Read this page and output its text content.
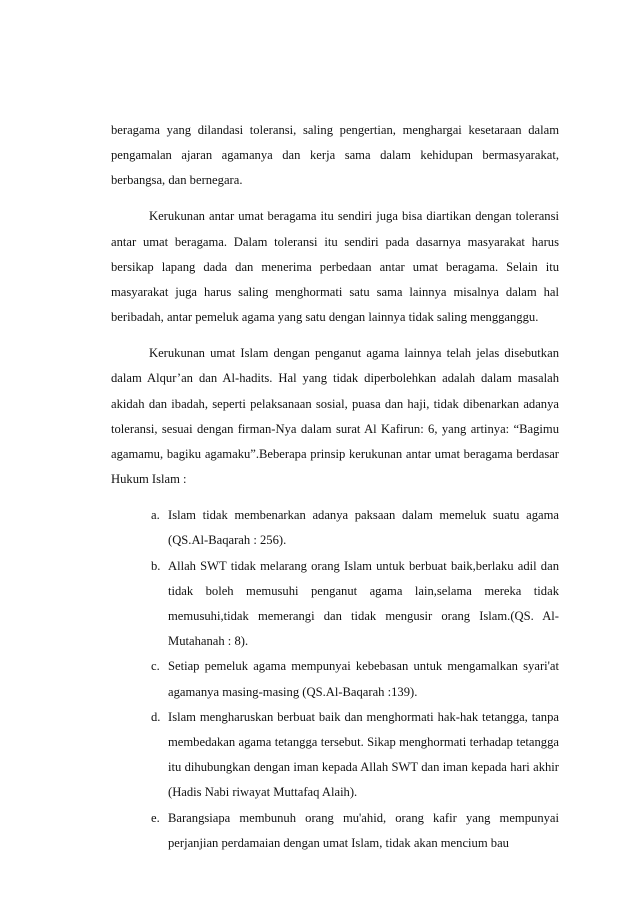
beragama yang dilandasi toleransi, saling pengertian, menghargai kesetaraan dalam pengamalan ajaran agamanya dan kerja sama dalam kehidupan bermasyarakat, berbangsa, dan bernegara.

Kerukunan antar umat beragama itu sendiri juga bisa diartikan dengan toleransi antar umat beragama. Dalam toleransi itu sendiri pada dasarnya masyarakat harus bersikap lapang dada dan menerima perbedaan antar umat beragama. Selain itu masyarakat juga harus saling menghormati satu sama lainnya misalnya dalam hal beribadah, antar pemeluk agama yang satu dengan lainnya tidak saling mengganggu.

Kerukunan umat Islam dengan penganut agama lainnya telah jelas disebutkan dalam Alqur’an dan Al-hadits. Hal yang tidak diperbolehkan adalah dalam masalah akidah dan ibadah, seperti pelaksanaan sosial, puasa dan haji, tidak dibenarkan adanya toleransi, sesuai dengan firman-Nya dalam surat Al Kafirun: 6, yang artinya: “Bagimu agamamu, bagiku agamaku”.Beberapa prinsip kerukunan antar umat beragama berdasar Hukum Islam :

a. Islam tidak membenarkan adanya paksaan dalam memeluk suatu agama (QS.Al-Baqarah : 256).
b. Allah SWT tidak melarang orang Islam untuk berbuat baik,berlaku adil dan tidak boleh memusuhi penganut agama lain,selama mereka tidak memusuhi,tidak memerangi dan tidak mengusir orang Islam.(QS. Al-Mutahanah : 8).
c. Setiap pemeluk agama mempunyai kebebasan untuk mengamalkan syari'at agamanya masing-masing (QS.Al-Baqarah :139).
d. Islam mengharuskan berbuat baik dan menghormati hak-hak tetangga, tanpa membedakan agama tetangga tersebut. Sikap menghormati terhadap tetangga itu dihubungkan dengan iman kepada Allah SWT dan iman kepada hari akhir (Hadis Nabi riwayat Muttafaq Alaih).
e. Barangsiapa membunuh orang mu'ahid, orang kafir yang mempunyai perjanjian perdamaian dengan umat Islam, tidak akan mencium bau
